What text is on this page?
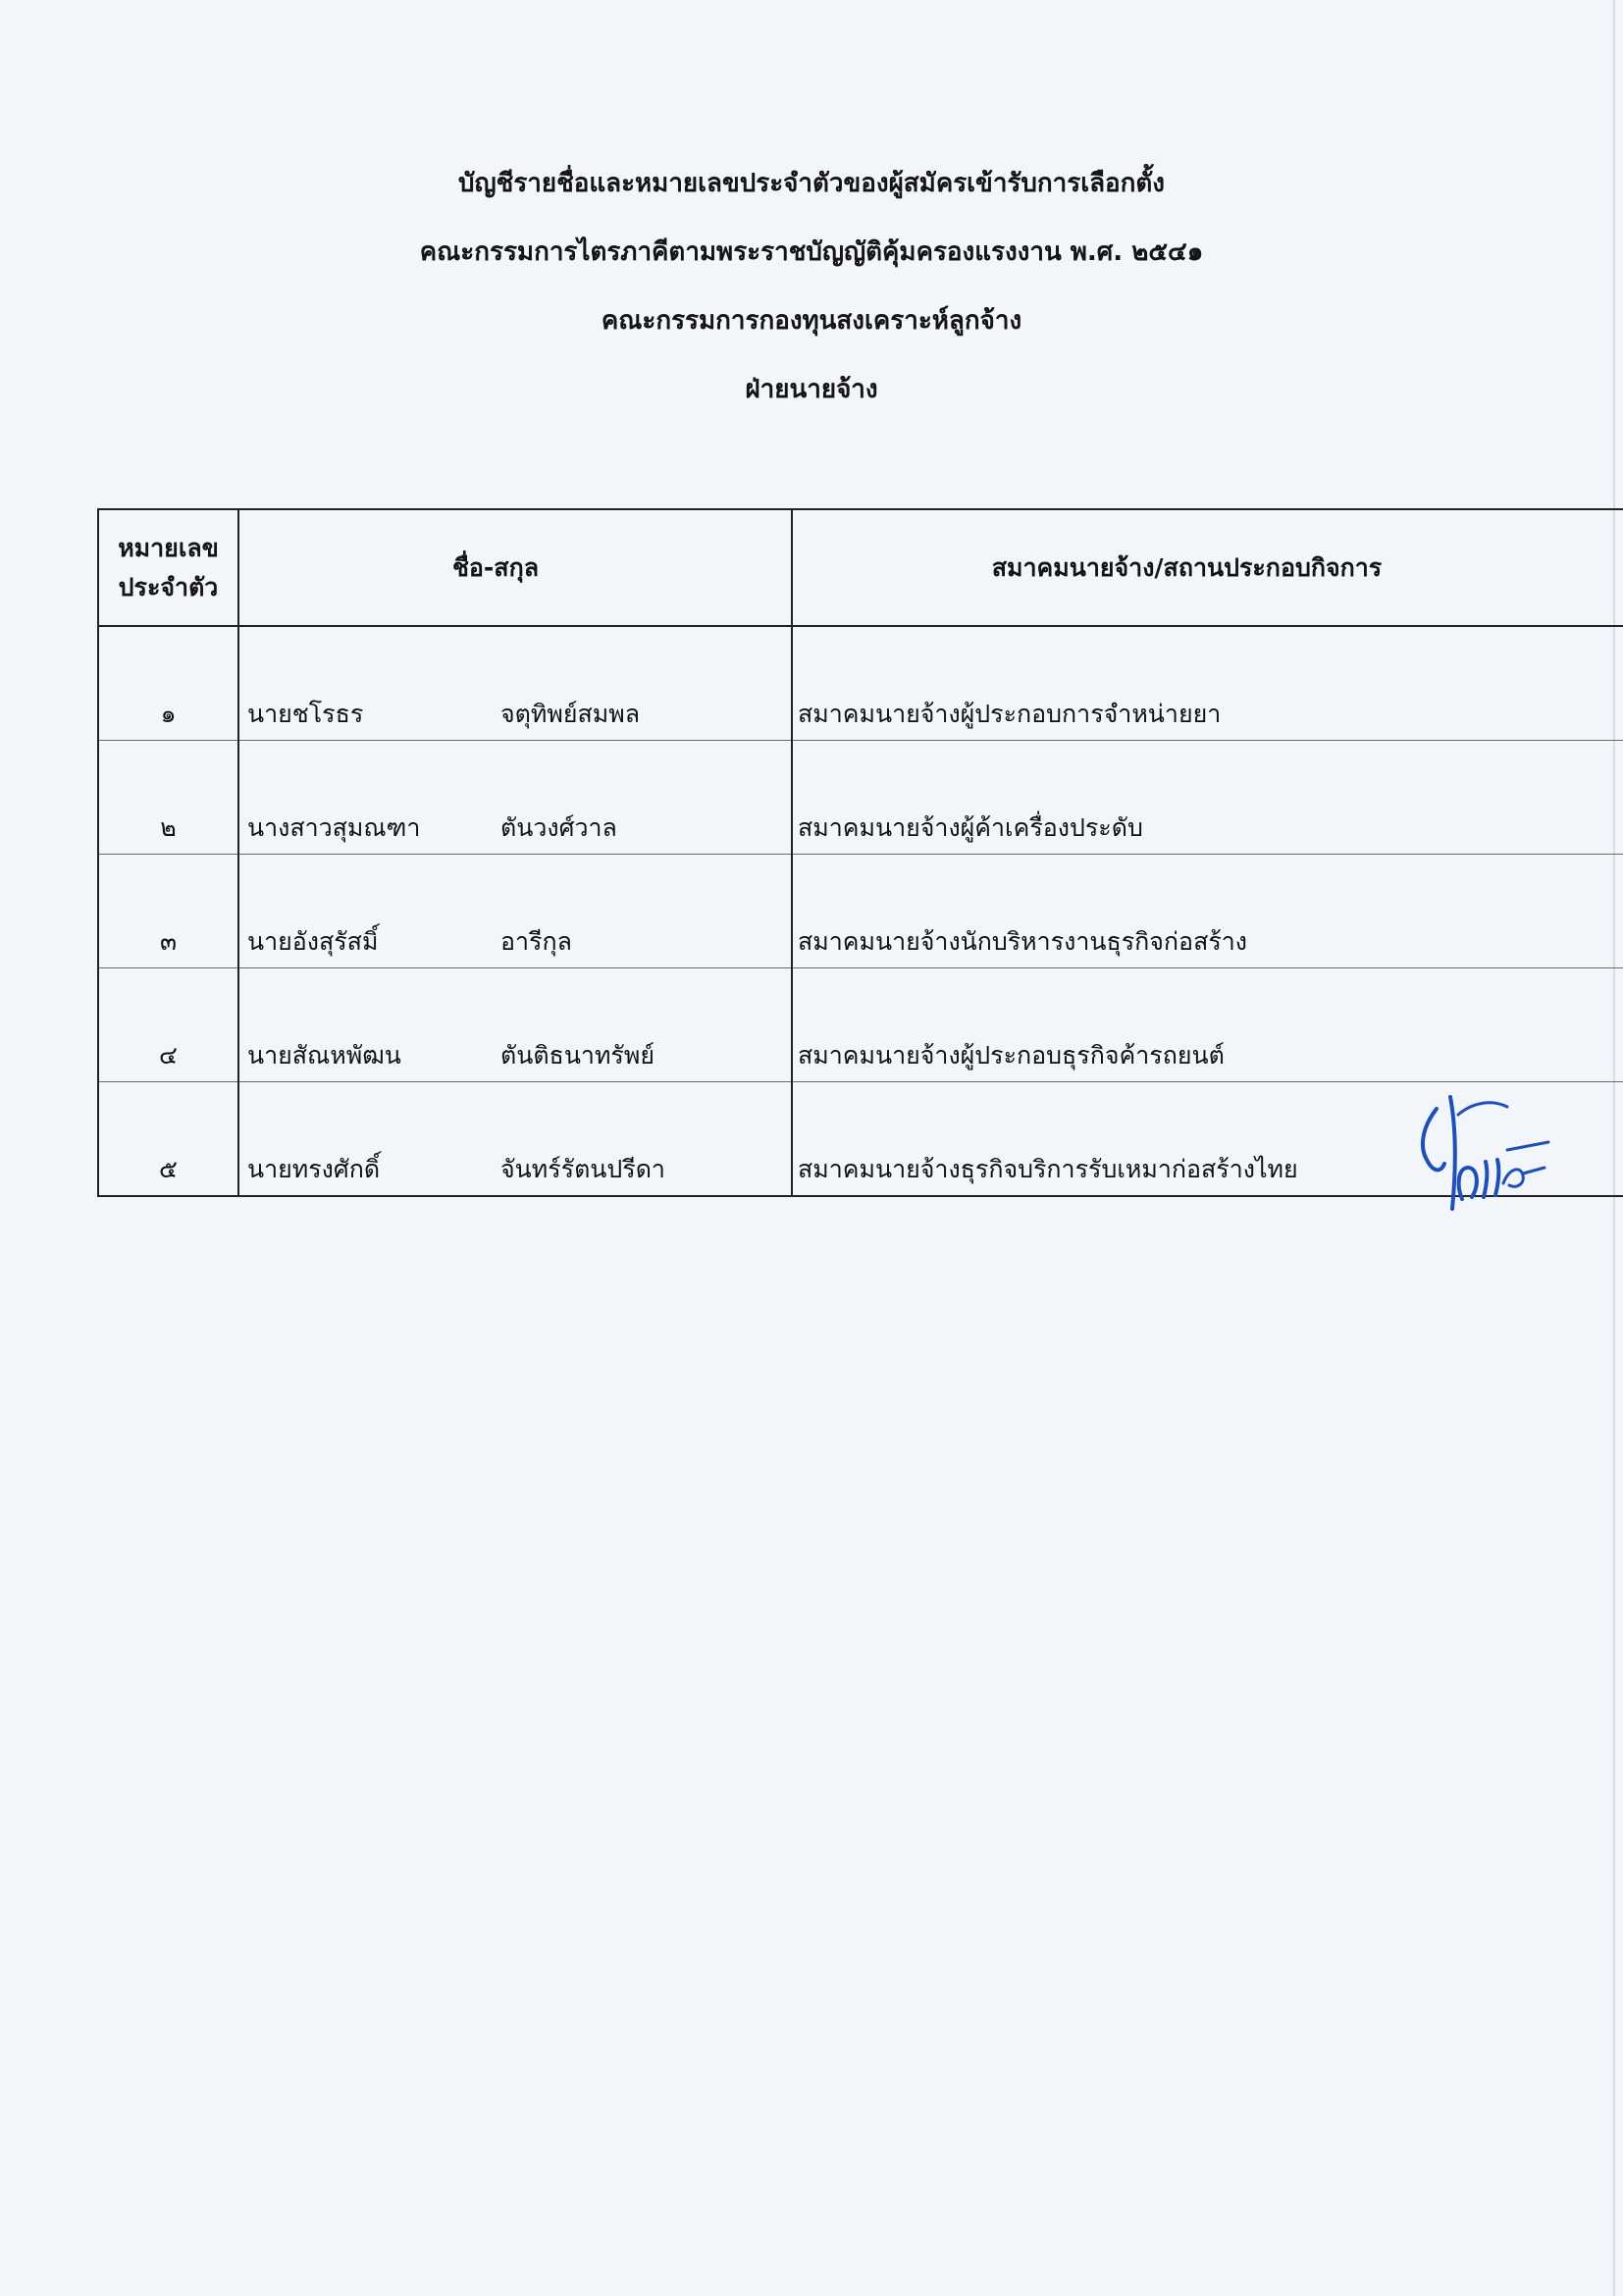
บัญชีรายชื่อและหมายเลขประจำตัวของผู้สมัครเข้ารับการเลือกตั้ง
คณะกรรมการไตรภาคีตามพระราชบัญญัติคุ้มครองแรงงาน พ.ศ. ๒๕๔๑
คณะกรรมการกองทุนสงเคราะห์ลูกจ้าง
ฝ่ายนายจ้าง
หมายเลข
ประจำตัว	ชื่อ-สกุล	สมาคมนายจ้าง/สถานประกอบกิจการ
๑	นายชโรธร จตุทิพย์สมพล	สมาคมนายจ้างผู้ประกอบการจำหน่ายยา
๒	นางสาวสุมณฑา ตันวงศ์วาล	สมาคมนายจ้างผู้ค้าเครื่องประดับ
๓	นายอังสุรัสมิ์ อารีกุล	สมาคมนายจ้างนักบริหารงานธุรกิจก่อสร้าง
๔	นายสัณหพัฒน ตันติธนาทรัพย์	สมาคมนายจ้างผู้ประกอบธุรกิจค้ารถยนต์
๕	นายทรงศักดิ์ จันทร์รัตนปรีดา	สมาคมนายจ้างธุรกิจบริการรับเหมาก่อสร้างไทย
